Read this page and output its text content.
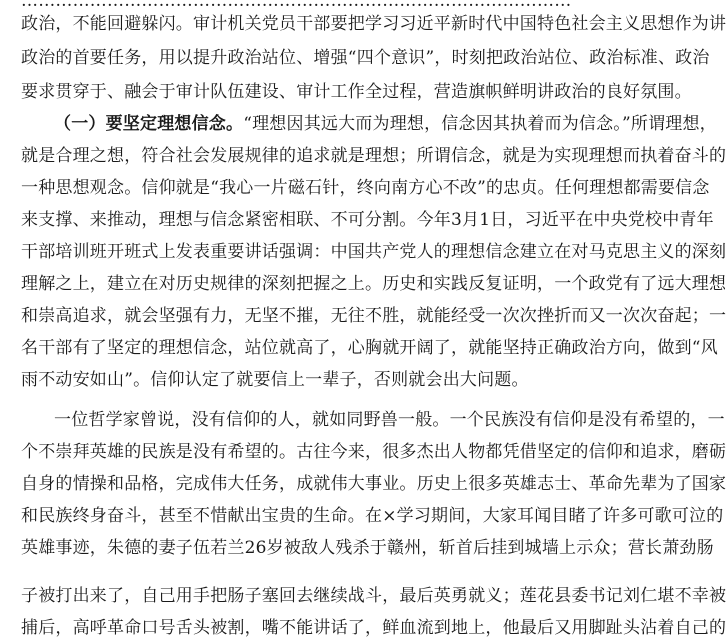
……………………………………………………………………………………
政治，不能回避躲闪。审计机关党员干部要把学习习近平新时代中国特色社会主义思想作为讲
政治的首要任务，用以提升政治站位、增强“四个意识”，时刻把政治站位、政治标准、政治
要求贯穿于、融会于审计队伍建设、审计工作全过程，营造旗帜鲜明讲政治的良好氛围。
（一）要坚定理想信念。“理想因其远大而为理想，信念因其执着而为信念。”所谓理想，
就是合理之想，符合社会发展规律的追求就是理想；所谓信念，就是为实现理想而执着奋斗的
一种思想观念。信仰就是“我心一片磁石针，终向南方心不改”的忠贞。任何理想都需要信念
来支撑、来推动，理想与信念紧密相联、不可分割。今年3月1日，习近平在中央党校中青年
干部培训班开班式上发表重要讲话强调：中国共产党人的理想信念建立在对马克思主义的深刻
理解之上，建立在对历史规律的深刻把握之上。历史和实践反复证明，一个政党有了远大理想
和崇高追求，就会坚强有力，无坚不摧，无往不胜，就能经受一次次挫折而又一次次奋起；一
名干部有了坚定的理想信念，站位就高了，心胸就开阔了，就能坚持正确政治方向，做到“风
雨不动安如山”。信仰认定了就要信上一辈子，否则就会出大问题。
一位哲学家曾说，没有信仰的人，就如同野兽一般。一个民族没有信仰是没有希望的，一
个不崇拜英雄的民族是没有希望的。古往今来，很多杰出人物都凭借坚定的信仰和追求，磨砺
自身的情操和品格，完成伟大任务，成就伟大事业。历史上很多英雄志士、革命先辈为了国家
和民族终身奋斗，甚至不惜献出宝贵的生命。在×学习期间，大家耳闻目睹了许多可歌可泣的
英雄事迹，朱德的妻子伍若兰26岁被敌人残杀于赣州，斩首后挂到城墙上示众；营长萧劲肠
子被打出来了，自己用手把肠子塞回去继续战斗，最后英勇就义；莲花县委书记刘仁堪不幸被
捕后，高呼革命口号舌头被割，嘴不能讲话了，鲜血流到地上，他最后又用脚趾头沾着自己的
